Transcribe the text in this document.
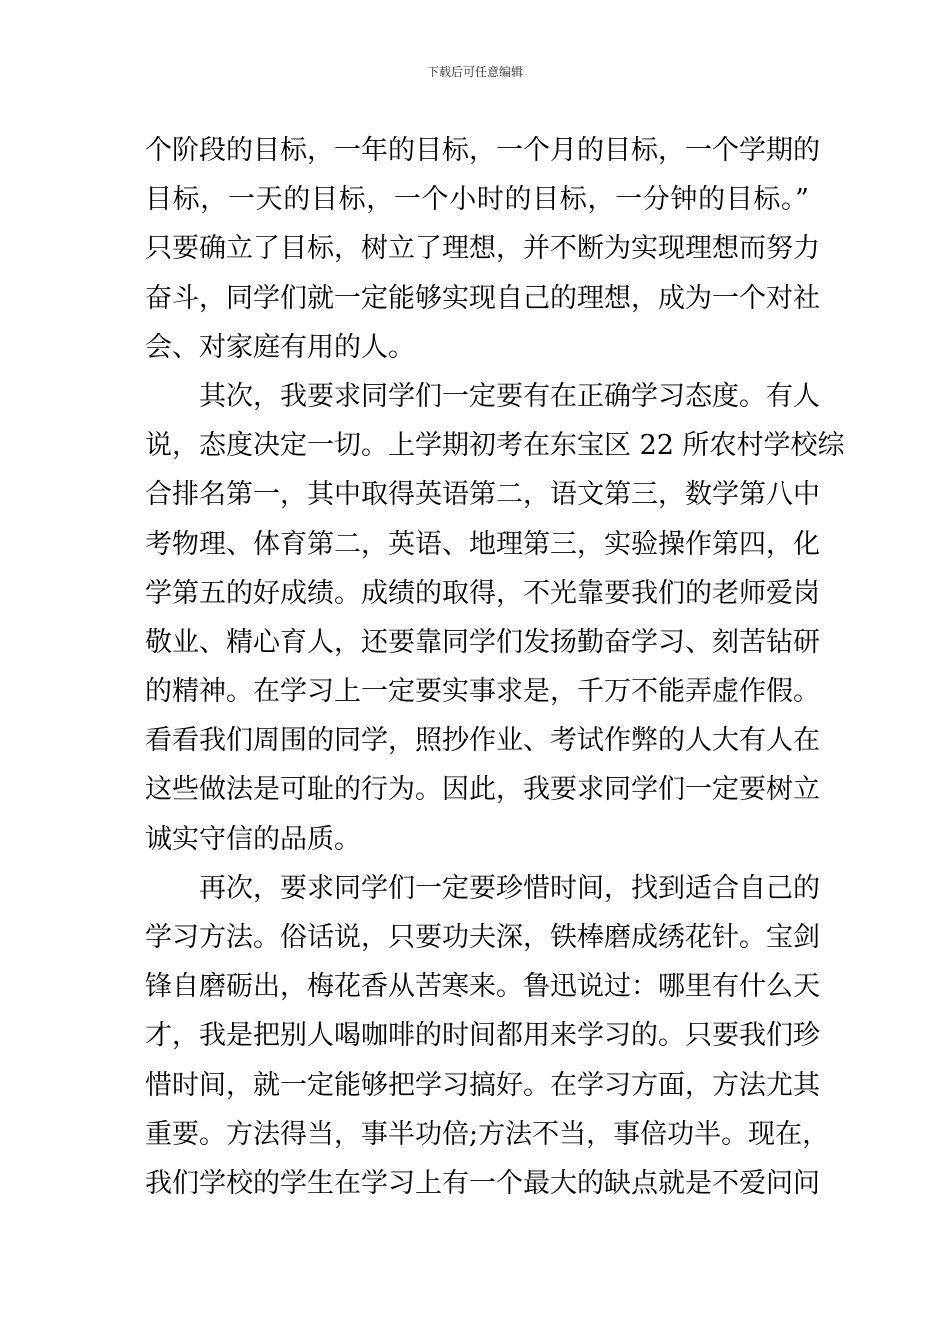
下载后可任意编辑
个阶段的目标，一年的目标，一个月的目标，一个学期的
目标，一天的目标，一个小时的目标，一分钟的目标。”
只要确立了目标，树立了理想，并不断为实现理想而努力
奋斗，同学们就一定能够实现自己的理想，成为一个对社
会、对家庭有用的人。
其次，我要求同学们一定要有在正确学习态度。有人
说，态度决定一切。上学期初考在东宝区 22 所农村学校综
合排名第一，其中取得英语第二，语文第三，数学第八中
考物理、体育第二，英语、地理第三，实验操作第四，化
学第五的好成绩。成绩的取得，不光靠要我们的老师爱岗
敬业、精心育人，还要靠同学们发扬勤奋学习、刻苦钻研
的精神。在学习上一定要实事求是，千万不能弄虚作假。
看看我们周围的同学，照抄作业、考试作弊的人大有人在
这些做法是可耻的行为。因此，我要求同学们一定要树立
诚实守信的品质。
再次，要求同学们一定要珍惜时间，找到适合自己的
学习方法。俗话说，只要功夫深，铁棒磨成绣花针。宝剑
锋自磨砺出，梅花香从苦寒来。鲁迅说过：哪里有什么天
才，我是把别人喝咖啡的时间都用来学习的。只要我们珍
惜时间，就一定能够把学习搞好。在学习方面，方法尤其
重要。方法得当，事半功倍;方法不当，事倍功半。现在，
我们学校的学生在学习上有一个最大的缺点就是不爱问问
